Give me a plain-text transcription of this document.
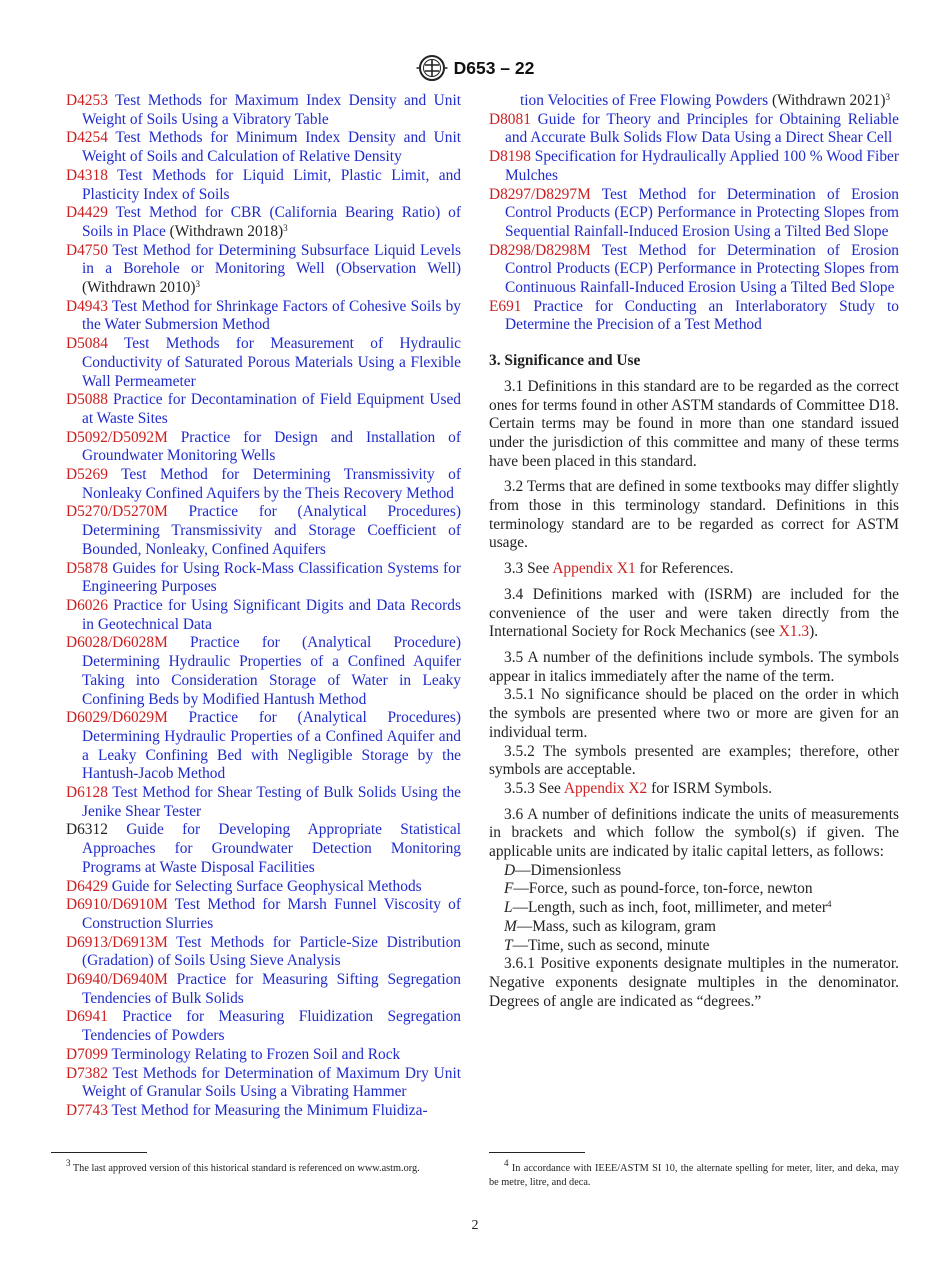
D653 – 22

D4253 Test Methods for Maximum Index Density and Unit Weight of Soils Using a Vibratory Table

D4254 Test Methods for Minimum Index Density and Unit Weight of Soils and Calculation of Relative Density

D4318 Test Methods for Liquid Limit, Plastic Limit, and Plasticity Index of Soils

D4429 Test Method for CBR (California Bearing Ratio) of Soils in Place (Withdrawn 2018)$^3$

D4750 Test Method for Determining Subsurface Liquid Levels in a Borehole or Monitoring Well (Observation Well) (Withdrawn 2010)$^3$

D4943 Test Method for Shrinkage Factors of Cohesive Soils by the Water Submersion Method

D5084 Test Methods for Measurement of Hydraulic Conductivity of Saturated Porous Materials Using a Flexible Wall Permeameter

D5088 Practice for Decontamination of Field Equipment Used at Waste Sites

D5092/D5092M Practice for Design and Installation of Groundwater Monitoring Wells

D5269 Test Method for Determining Transmissivity of Nonleaky Confined Aquifers by the Theis Recovery Method

D5270/D5270M Practice for (Analytical Procedures) Determining Transmissivity and Storage Coefficient of Bounded, Nonleaky, Confined Aquifers

D5878 Guides for Using Rock-Mass Classification Systems for Engineering Purposes

D6026 Practice for Using Significant Digits and Data Records in Geotechnical Data

D6028/D6028M Practice for (Analytical Procedure) Determining Hydraulic Properties of a Confined Aquifer Taking into Consideration Storage of Water in Leaky Confining Beds by Modified Hantush Method

D6029/D6029M Practice for (Analytical Procedures) Determining Hydraulic Properties of a Confined Aquifer and a Leaky Confining Bed with Negligible Storage by the Hantush-Jacob Method

D6128 Test Method for Shear Testing of Bulk Solids Using the Jenike Shear Tester

D6312 Guide for Developing Appropriate Statistical Approaches for Groundwater Detection Monitoring Programs at Waste Disposal Facilities

D6429 Guide for Selecting Surface Geophysical Methods

D6910/D6910M Test Method for Marsh Funnel Viscosity of Construction Slurries

D6913/D6913M Test Methods for Particle-Size Distribution (Gradation) of Soils Using Sieve Analysis

D6940/D6940M Practice for Measuring Sifting Segregation Tendencies of Bulk Solids

D6941 Practice for Measuring Fluidization Segregation Tendencies of Powders

D7099 Terminology Relating to Frozen Soil and Rock

D7382 Test Methods for Determination of Maximum Dry Unit Weight of Granular Soils Using a Vibrating Hammer

D7743 Test Method for Measuring the Minimum Fluidiza-

tion Velocities of Free Flowing Powders (Withdrawn 2021)$^3$

D8081 Guide for Theory and Principles for Obtaining Reliable and Accurate Bulk Solids Flow Data Using a Direct Shear Cell

D8198 Specification for Hydraulically Applied 100 % Wood Fiber Mulches

D8297/D8297M Test Method for Determination of Erosion Control Products (ECP) Performance in Protecting Slopes from Sequential Rainfall-Induced Erosion Using a Tilted Bed Slope

D8298/D8298M Test Method for Determination of Erosion Control Products (ECP) Performance in Protecting Slopes from Continuous Rainfall-Induced Erosion Using a Tilted Bed Slope

E691 Practice for Conducting an Interlaboratory Study to Determine the Precision of a Test Method

3. Significance and Use

3.1 Definitions in this standard are to be regarded as the correct ones for terms found in other ASTM standards of Committee D18. Certain terms may be found in more than one standard issued under the jurisdiction of this committee and many of these terms have been placed in this standard.

3.2 Terms that are defined in some textbooks may differ slightly from those in this terminology standard. Definitions in this terminology standard are to be regarded as correct for ASTM usage.

3.3 See Appendix X1 for References.

3.4 Definitions marked with (ISRM) are included for the convenience of the user and were taken directly from the International Society for Rock Mechanics (see X1.3).

3.5 A number of the definitions include symbols. The symbols appear in italics immediately after the name of the term.

3.5.1 No significance should be placed on the order in which the symbols are presented where two or more are given for an individual term.

3.5.2 The symbols presented are examples; therefore, other symbols are acceptable.

3.5.3 See Appendix X2 for ISRM Symbols.

3.6 A number of definitions indicate the units of measurements in brackets and which follow the symbol(s) if given. The applicable units are indicated by italic capital letters, as follows:

D—Dimensionless

F—Force, such as pound-force, ton-force, newton

L—Length, such as inch, foot, millimeter, and meter$^4$

M—Mass, such as kilogram, gram

T—Time, such as second, minute

3.6.1 Positive exponents designate multiples in the numerator. Negative exponents designate multiples in the denominator. Degrees of angle are indicated as “degrees.”

$^3$ The last approved version of this historical standard is referenced on www.astm.org.	$^4$ In accordance with IEEE/ASTM SI 10, the alternate spelling for meter, liter, and deka, may be metre, litre, and deca.
2
